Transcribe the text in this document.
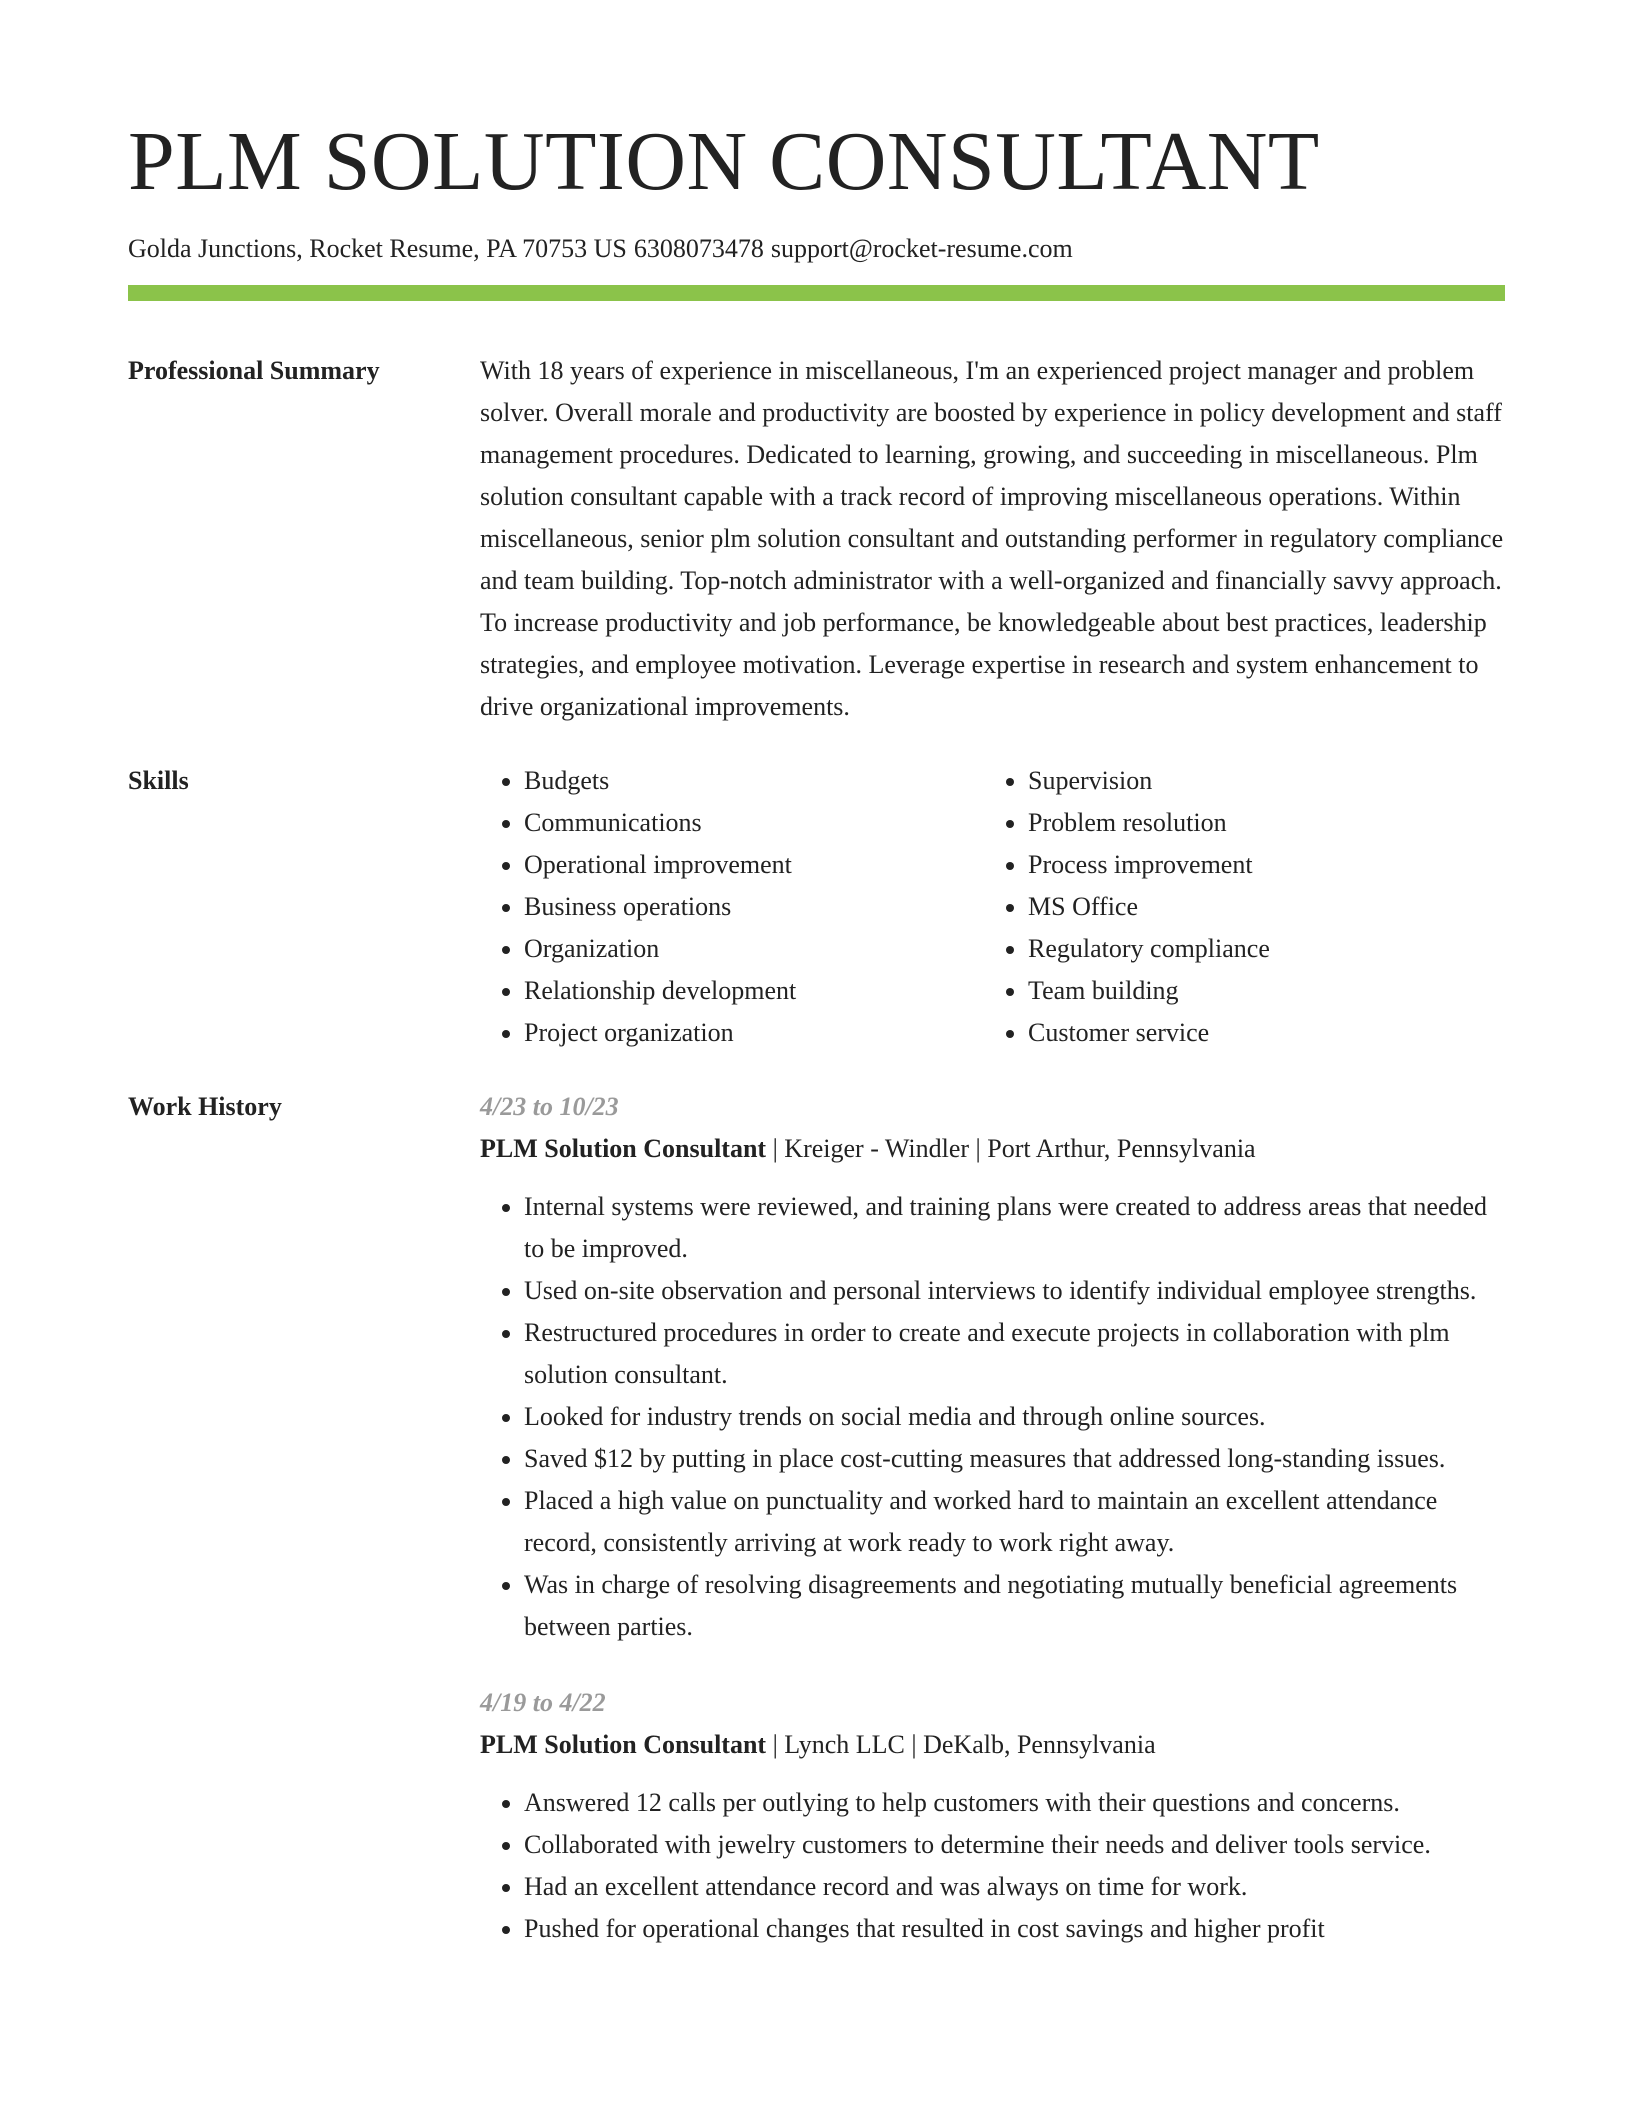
PLM SOLUTION CONSULTANT
Golda Junctions, Rocket Resume, PA 70753 US 6308073478 support@rocket-resume.com
Professional Summary	With 18 years of experience in miscellaneous, I'm an experienced project manager and problem solver. Overall morale and productivity are boosted by experience in policy development and staff management procedures. Dedicated to learning, growing, and succeeding in miscellaneous. Plm solution consultant capable with a track record of improving miscellaneous operations. Within miscellaneous, senior plm solution consultant and outstanding performer in regulatory compliance and team building. Top-notch administrator with a well-organized and financially savvy approach. To increase productivity and job performance, be knowledgeable about best practices, leadership strategies, and employee motivation. Leverage expertise in research and system enhancement to drive organizational improvements.

Skills
•	Budgets
• Communications
• Operational improvement
• Business operations
• Organization
• Relationship development
• Project organization
• Supervision
• Problem resolution
• Process improvement
• MS Office
• Regulatory compliance
• Team building
• Customer service
Work History	4/23 to 10/23
PLM Solution Consultant | Kreiger - Windler | Port Arthur, Pennsylvania
• Internal systems were reviewed, and training plans were created to address areas that needed to be improved.
• Used on-site observation and personal interviews to identify individual employee strengths.
• Restructured procedures in order to create and execute projects in collaboration with plm solution consultant.
• Looked for industry trends on social media and through online sources.
• Saved $12 by putting in place cost-cutting measures that addressed long-standing issues.
• Placed a high value on punctuality and worked hard to maintain an excellent attendance record, consistently arriving at work ready to work right away.
• Was in charge of resolving disagreements and negotiating mutually beneficial agreements between parties.
4/19 to 4/22
PLM Solution Consultant | Lynch LLC | DeKalb, Pennsylvania
• Answered 12 calls per outlying to help customers with their questions and concerns.
• Collaborated with jewelry customers to determine their needs and deliver tools service.
• Had an excellent attendance record and was always on time for work.
• Pushed for operational changes that resulted in cost savings and higher profit
